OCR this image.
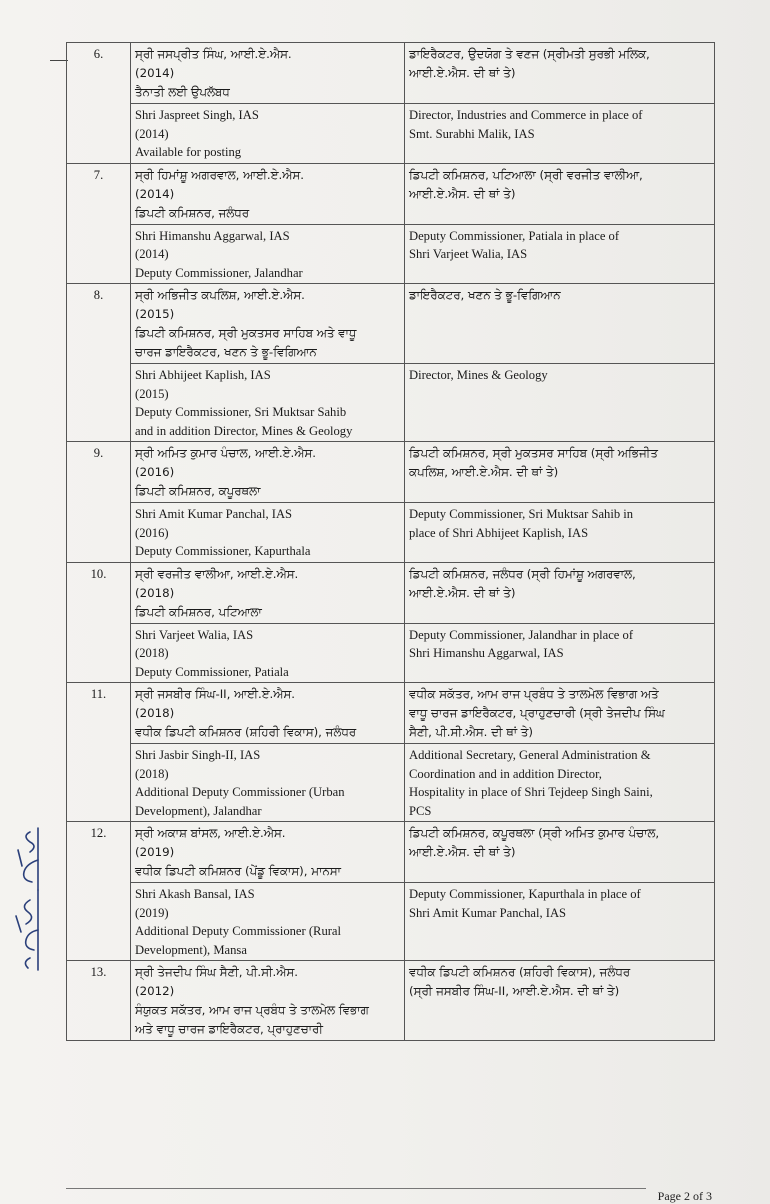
6.	ਸ੍ਰੀ ਜਸਪ੍ਰੀਤ ਸਿੰਘ, ਆਈ.ਏ.ਐਸ.
(2014)
ਤੈਨਾਤੀ ਲਈ ਉਪਲੱਬਧ	ਡਾਇਰੈਕਟਰ, ਉਦਯੋਗ ਤੇ ਵਣਜ (ਸ੍ਰੀਮਤੀ ਸੁਰਭੀ ਮਲਿਕ,
ਆਈ.ਏ.ਐਸ. ਦੀ ਥਾਂ ਤੇ)

	Shri Jaspreet Singh, IAS
(2014)
Available for posting	Director, Industries and Commerce in place of
Smt. Surabhi Malik, IAS

7.	ਸ੍ਰੀ ਹਿਮਾਂਸ਼ੂ ਅਗਰਵਾਲ, ਆਈ.ਏ.ਐਸ.
(2014)
ਡਿਪਟੀ ਕਮਿਸ਼ਨਰ, ਜਲੰਧਰ	ਡਿਪਟੀ ਕਮਿਸ਼ਨਰ, ਪਟਿਆਲਾ (ਸ੍ਰੀ ਵਰਜੀਤ ਵਾਲੀਆ,
ਆਈ.ਏ.ਐਸ. ਦੀ ਥਾਂ ਤੇ)

	Shri Himanshu Aggarwal, IAS
(2014)
Deputy Commissioner, Jalandhar	Deputy Commissioner, Patiala in place of
Shri Varjeet Walia, IAS

8.	ਸ੍ਰੀ ਅਭਿਜੀਤ ਕਪਲਿਸ਼, ਆਈ.ਏ.ਐਸ.
(2015)
ਡਿਪਟੀ ਕਮਿਸ਼ਨਰ, ਸ੍ਰੀ ਮੁਕਤਸਰ ਸਾਹਿਬ ਅਤੇ ਵਾਧੂ
ਚਾਰਜ ਡਾਇਰੈਕਟਰ, ਖਣਨ ਤੇ ਭੂ-ਵਿਗਿਆਨ	ਡਾਇਰੈਕਟਰ, ਖਣਨ ਤੇ ਭੂ-ਵਿਗਿਆਨ

	Shri Abhijeet Kaplish, IAS
(2015)
Deputy Commissioner, Sri Muktsar Sahib
and in addition Director, Mines & Geology	Director, Mines & Geology

9.	ਸ੍ਰੀ ਅਮਿਤ ਕੁਮਾਰ ਪੰਚਾਲ, ਆਈ.ਏ.ਐਸ.
(2016)
ਡਿਪਟੀ ਕਮਿਸ਼ਨਰ, ਕਪੂਰਥਲਾ	ਡਿਪਟੀ ਕਮਿਸ਼ਨਰ, ਸ੍ਰੀ ਮੁਕਤਸਰ ਸਾਹਿਬ (ਸ੍ਰੀ ਅਭਿਜੀਤ
ਕਪਲਿਸ਼, ਆਈ.ਏ.ਐਸ. ਦੀ ਥਾਂ ਤੇ)

	Shri Amit Kumar Panchal, IAS
(2016)
Deputy Commissioner, Kapurthala	Deputy Commissioner, Sri Muktsar Sahib in
place of Shri Abhijeet Kaplish, IAS

10.	ਸ੍ਰੀ ਵਰਜੀਤ ਵਾਲੀਆ, ਆਈ.ਏ.ਐਸ.
(2018)
ਡਿਪਟੀ ਕਮਿਸ਼ਨਰ, ਪਟਿਆਲਾ	ਡਿਪਟੀ ਕਮਿਸ਼ਨਰ, ਜਲੰਧਰ (ਸ੍ਰੀ ਹਿਮਾਂਸ਼ੂ ਅਗਰਵਾਲ,
ਆਈ.ਏ.ਐਸ. ਦੀ ਥਾਂ ਤੇ)

	Shri Varjeet Walia, IAS
(2018)
Deputy Commissioner, Patiala	Deputy Commissioner, Jalandhar in place of
Shri Himanshu Aggarwal, IAS

11.	ਸ੍ਰੀ ਜਸਬੀਰ ਸਿੰਘ-II, ਆਈ.ਏ.ਐਸ.
(2018)
ਵਧੀਕ ਡਿਪਟੀ ਕਮਿਸ਼ਨਰ (ਸ਼ਹਿਰੀ ਵਿਕਾਸ), ਜਲੰਧਰ	ਵਧੀਕ ਸਕੱਤਰ, ਆਮ ਰਾਜ ਪ੍ਰਬੰਧ ਤੇ ਤਾਲਮੇਲ ਵਿਭਾਗ ਅਤੇ
ਵਾਧੂ ਚਾਰਜ ਡਾਇਰੈਕਟਰ, ਪ੍ਰਾਹੁਣਚਾਰੀ (ਸ੍ਰੀ ਤੇਜਦੀਪ ਸਿੰਘ
ਸੈਣੀ, ਪੀ.ਸੀ.ਐਸ. ਦੀ ਥਾਂ ਤੇ)

	Shri Jasbir Singh-II, IAS
(2018)
Additional Deputy Commissioner (Urban
Development), Jalandhar	Additional Secretary, General Administration &
Coordination and in addition Director,
Hospitality in place of Shri Tejdeep Singh Saini,
PCS

12.	ਸ੍ਰੀ ਅਕਾਸ਼ ਬਾਂਸਲ, ਆਈ.ਏ.ਐਸ.
(2019)
ਵਧੀਕ ਡਿਪਟੀ ਕਮਿਸ਼ਨਰ (ਪੇਂਡੂ ਵਿਕਾਸ), ਮਾਨਸਾ	ਡਿਪਟੀ ਕਮਿਸ਼ਨਰ, ਕਪੂਰਥਲਾ (ਸ੍ਰੀ ਅਮਿਤ ਕੁਮਾਰ ਪੰਚਾਲ,
ਆਈ.ਏ.ਐਸ. ਦੀ ਥਾਂ ਤੇ)

	Shri Akash Bansal, IAS
(2019)
Additional Deputy Commissioner (Rural
Development), Mansa	Deputy Commissioner, Kapurthala in place of
Shri Amit Kumar Panchal, IAS

13.	ਸ੍ਰੀ ਤੇਜਦੀਪ ਸਿੰਘ ਸੈਣੀ, ਪੀ.ਸੀ.ਐਸ.
(2012)
ਸੰਯੁਕਤ ਸਕੱਤਰ, ਆਮ ਰਾਜ ਪ੍ਰਬੰਧ ਤੇ ਤਾਲਮੇਲ ਵਿਭਾਗ
ਅਤੇ ਵਾਧੂ ਚਾਰਜ ਡਾਇਰੈਕਟਰ, ਪ੍ਰਾਹੁਣਚਾਰੀ	ਵਧੀਕ ਡਿਪਟੀ ਕਮਿਸ਼ਨਰ (ਸ਼ਹਿਰੀ ਵਿਕਾਸ), ਜਲੰਧਰ
(ਸ੍ਰੀ ਜਸਬੀਰ ਸਿੰਘ-II, ਆਈ.ਏ.ਐਸ. ਦੀ ਥਾਂ ਤੇ)
Page 2 of 3
